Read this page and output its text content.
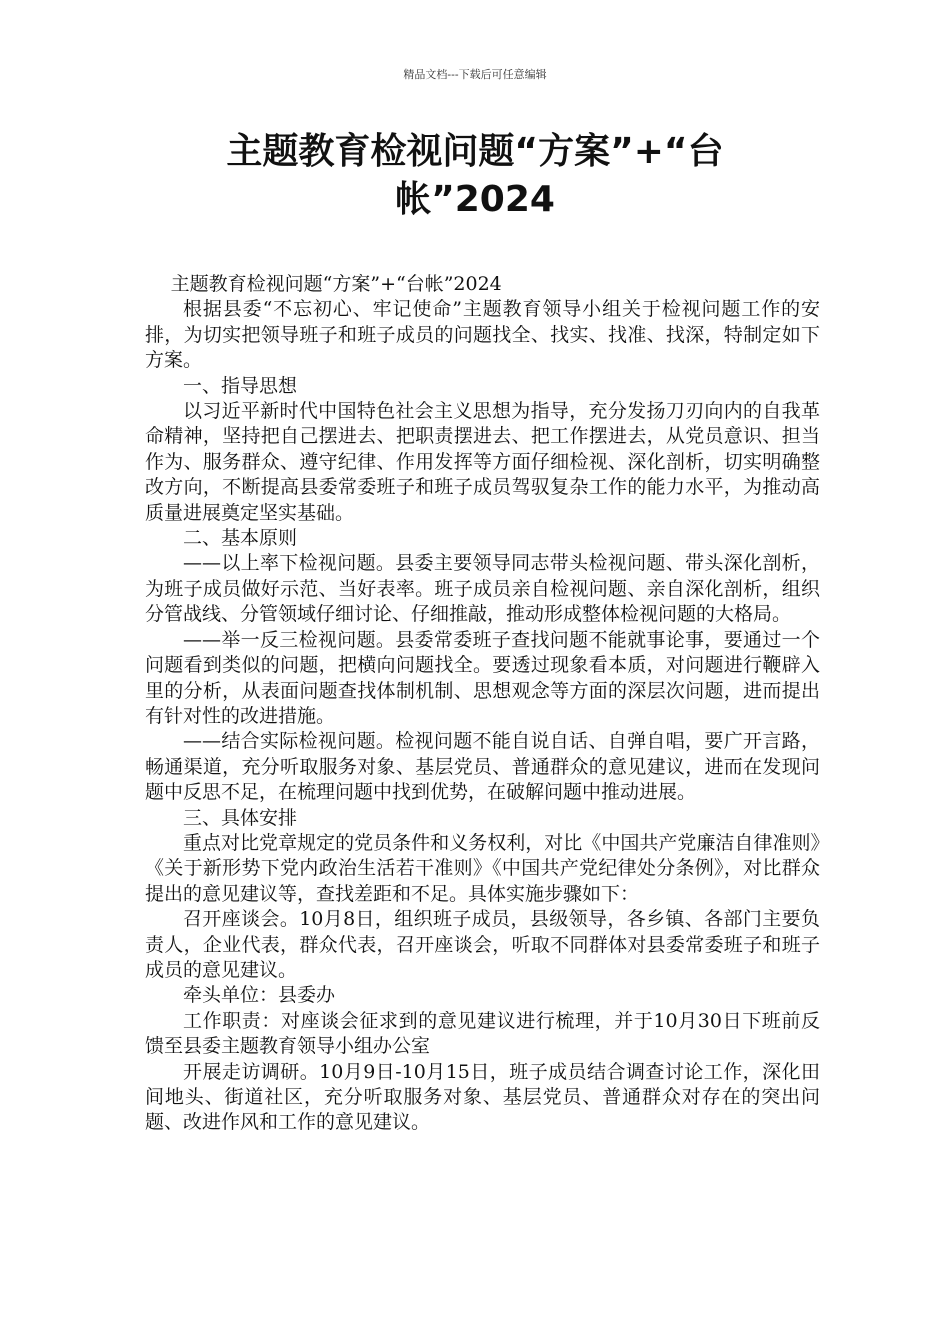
精品文档---下载后可任意编辑
主题教育检视问题“方案”+“台帐”2024

主题教育检视问题“方案”+“台帐”2024

根据县委“不忘初心、牢记使命”主题教育领导小组关于检视问题工作的安排，为切实把领导班子和班子成员的问题找全、找实、找准、找深，特制定如下方案。

一、指导思想

以习近平新时代中国特色社会主义思想为指导，充分发扬刀刃向内的自我革命精神，坚持把自己摆进去、把职责摆进去、把工作摆进去，从党员意识、担当作为、服务群众、遵守纪律、作用发挥等方面仔细检视、深化剖析，切实明确整改方向，不断提高县委常委班子和班子成员驾驭复杂工作的能力水平，为推动高质量进展奠定坚实基础。

二、基本原则

——以上率下检视问题。县委主要领导同志带头检视问题、带头深化剖析，为班子成员做好示范、当好表率。班子成员亲自检视问题、亲自深化剖析，组织分管战线、分管领域仔细讨论、仔细推敲，推动形成整体检视问题的大格局。

——举一反三检视问题。县委常委班子查找问题不能就事论事，要通过一个问题看到类似的问题，把横向问题找全。要透过现象看本质，对问题进行鞭辟入里的分析，从表面问题查找体制机制、思想观念等方面的深层次问题，进而提出有针对性的改进措施。

——结合实际检视问题。检视问题不能自说自话、自弹自唱，要广开言路，畅通渠道，充分听取服务对象、基层党员、普通群众的意见建议，进而在发现问题中反思不足，在梳理问题中找到优势，在破解问题中推动进展。

三、具体安排

重点对比党章规定的党员条件和义务权利，对比《中国共产党廉洁自律准则》《关于新形势下党内政治生活若干准则》《中国共产党纪律处分条例》，对比群众提出的意见建议等，查找差距和不足。具体实施步骤如下：

召开座谈会。10月8日，组织班子成员，县级领导，各乡镇、各部门主要负责人，企业代表，群众代表，召开座谈会，听取不同群体对县委常委班子和班子成员的意见建议。

牵头单位：县委办

工作职责：对座谈会征求到的意见建议进行梳理，并于10月30日下班前反馈至县委主题教育领导小组办公室

开展走访调研。10月9日-10月15日，班子成员结合调查讨论工作，深化田间地头、街道社区，充分听取服务对象、基层党员、普通群众对存在的突出问题、改进作风和工作的意见建议。
